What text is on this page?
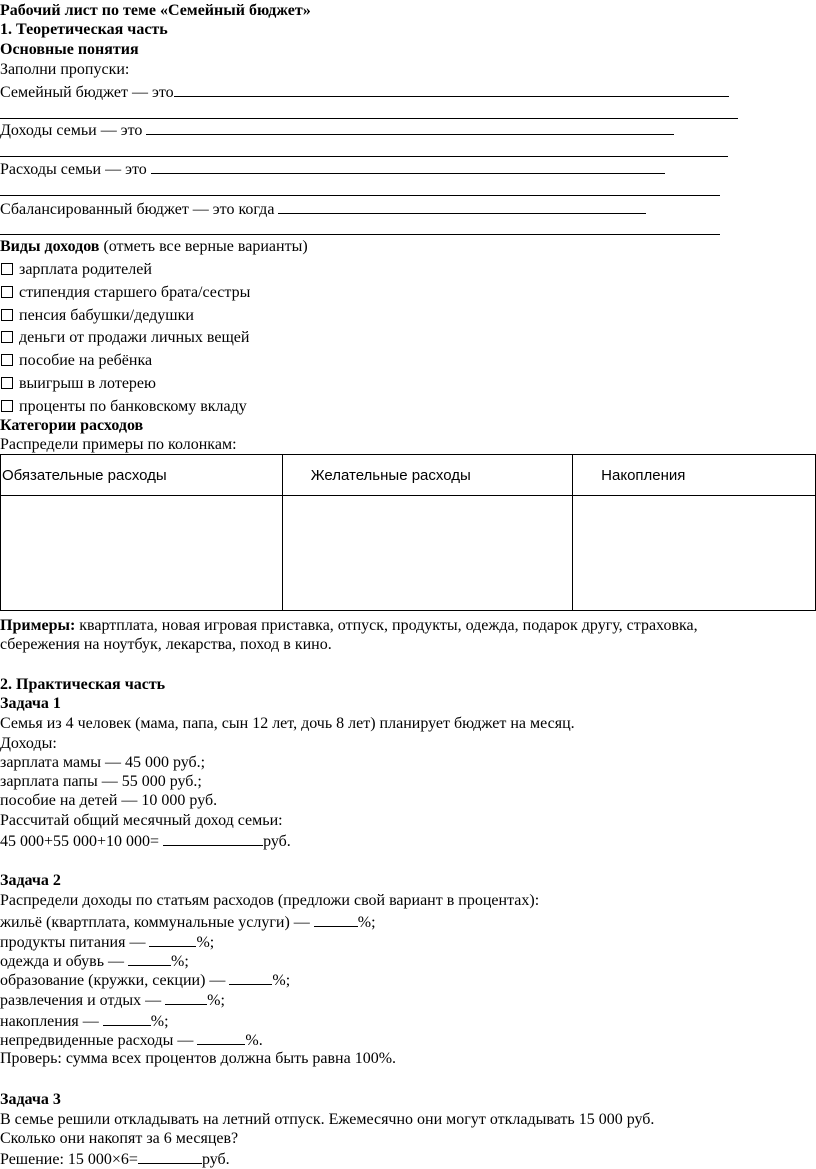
Рабочий лист по теме «Семейный бюджет»
1. Теоретическая часть
Основные понятия
Заполни пропуски:
Семейный бюджет — это
Доходы семьи — это
Расходы семьи — это
Сбалансированный бюджет — это когда
Виды доходов (отметь все верные варианты)
зарплата родителей
стипендия старшего брата/сестры
пенсия бабушки/дедушки
деньги от продажи личных вещей
пособие на ребёнка
выигрыш в лотерею
проценты по банковскому вкладу
Категории расходов
Распредели примеры по колонкам:
Обязательные расходы	Желательные расходы	Накопления

Примеры: квартплата, новая игровая приставка, отпуск, продукты, одежда, подарок другу, страховка,
сбережения на ноутбук, лекарства, поход в кино.
2. Практическая часть
Задача 1
Семья из 4 человек (мама, папа, сын 12 лет, дочь 8 лет) планирует бюджет на месяц.
Доходы:
зарплата мамы — 45 000 руб.;
зарплата папы — 55 000 руб.;
пособие на детей — 10 000 руб.
Рассчитай общий месячный доход семьи:
45 000+55 000+10 000=	руб.
Задача 2
Распредели доходы по статьям расходов (предложи свой вариант в процентах):
жильё (квартплата, коммунальные услуги) —	%;
продукты питания —	%;
одежда и обувь —	%;
образование (кружки, секции) —	%;
развлечения и отдых —	%;
накопления —	%;
непредвиденные расходы —	%.
Проверь: сумма всех процентов должна быть равна 100%.
Задача 3
В семье решили откладывать на летний отпуск. Ежемесячно они могут откладывать 15 000 руб.
Сколько они накопят за 6 месяцев?
Решение: 15 000×6=	руб.
